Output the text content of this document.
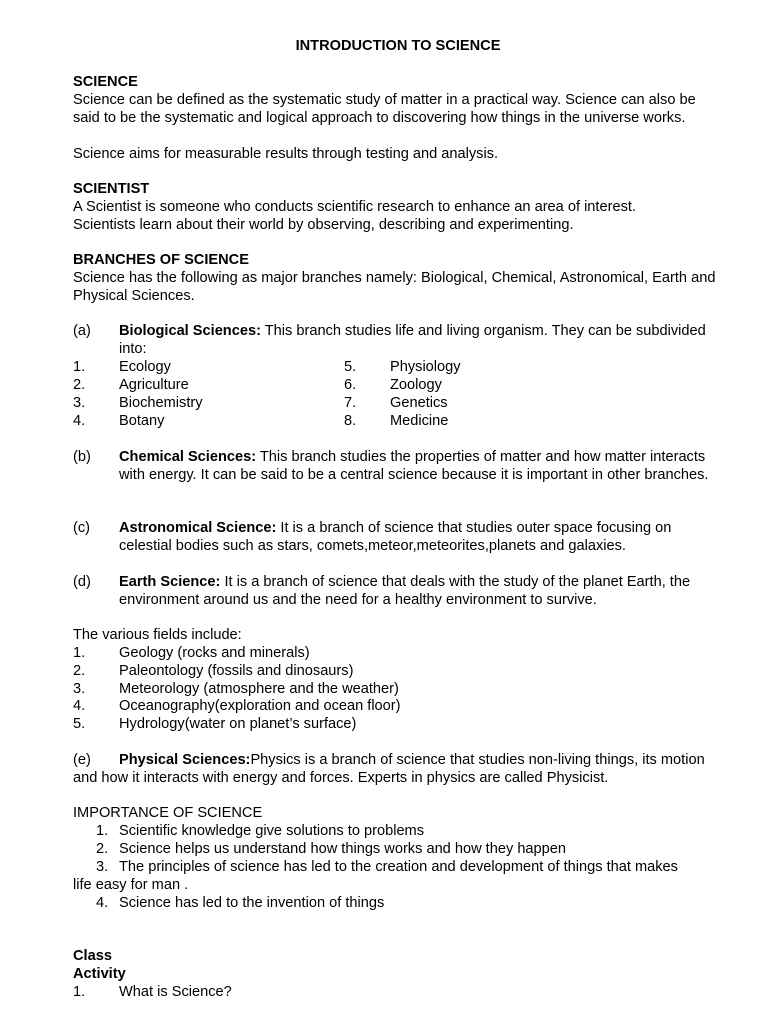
INTRODUCTION TO SCIENCE
SCIENCE
Science can be defined as the systematic study of matter in a practical way. Science can also be said to be the systematic and logical approach to discovering how things in the universe works.
Science aims for measurable results through testing and analysis.
SCIENTIST
A Scientist is someone who conducts scientific research to enhance an area of interest.
Scientists learn about their world by observing, describing and experimenting.
BRANCHES OF SCIENCE
Science has the following as major branches namely: Biological, Chemical, Astronomical, Earth and Physical Sciences.
(a) Biological Sciences: This branch studies life and living organism. They can be subdivided into:
1. Ecology	5. Physiology
2. Agriculture	6. Zoology
3. Biochemistry	7. Genetics
4. Botany	8. Medicine
(b) Chemical Sciences: This branch studies the properties of matter and how matter interacts with energy. It can be said to be a central science because it is important in other branches.
(c) Astronomical Science: It is a branch of science that studies outer space focusing on celestial bodies such as stars, comets,meteor,meteorites,planets and galaxies.
(d) Earth Science: It is a branch of science that deals with the study of the planet Earth, the environment around us and the need for a healthy environment to survive.
The various fields include:
1. Geology (rocks and minerals)
2. Paleontology (fossils and dinosaurs)
3. Meteorology (atmosphere and the weather)
4. Oceanography(exploration and ocean floor)
5. Hydrology(water on planet’s surface)
(e) Physical Sciences:Physics is a branch of science that studies non-living things, its motion and how it interacts with energy and forces. Experts in physics are called Physicist.
IMPORTANCE OF SCIENCE
1. Scientific knowledge give solutions to problems
2. Science helps us understand how things works and how they happen
3. The principles of science has led to the creation and development of things that makes
life easy for man .
4. Science has led to the invention of things
Class
Activity
1. What is Science?
